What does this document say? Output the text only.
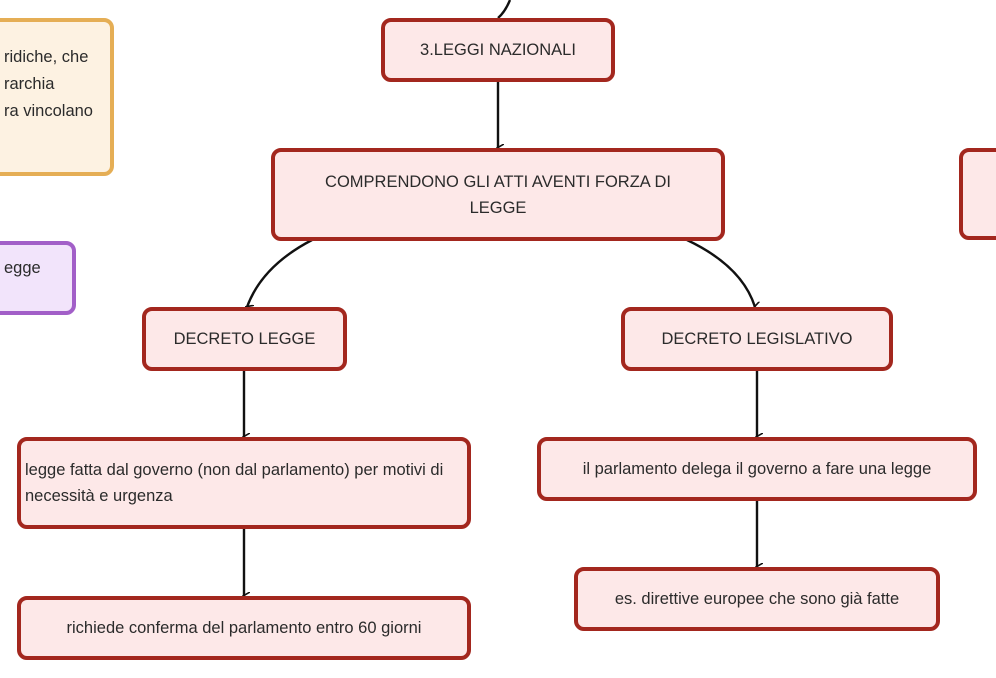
ridiche, che
rarchia
ra vincolano
egge
3.LEGGI NAZIONALI
COMPRENDONO GLI ATTI AVENTI FORZA DI LEGGE
DECRETO LEGGE	DECRETO LEGISLATIVO
legge fatta dal governo (non dal parlamento) per motivi di necessità e urgenza
richiede conferma del parlamento entro 60 giorni
il parlamento delega il governo a fare una legge
es. direttive europee che sono già fatte
